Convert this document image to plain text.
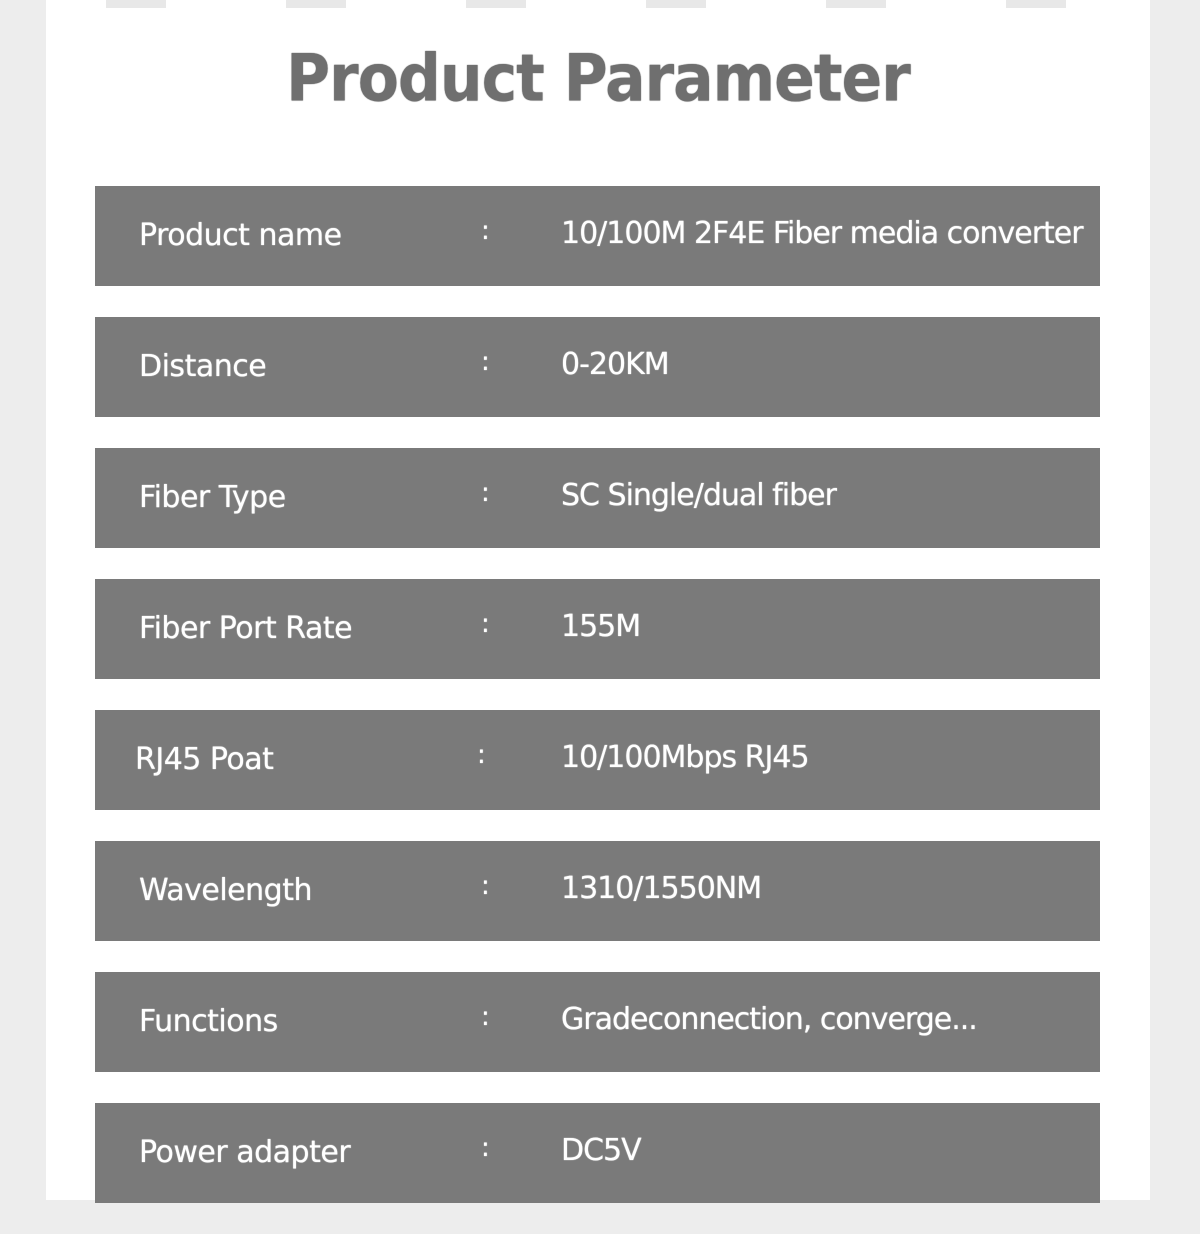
Product Parameter
Product name	: 10/100M 2F4E Fiber media converter
Distance	: 0-20KM
Fiber Type	: SC Single/dual fiber
Fiber Port Rate	: 155M
RJ45 Poat	:	10/100Mbps RJ45
Wavelength	: 1310/1550NM
Functions	: Gradeconnection, converge...
Power adapter	: DC5V
